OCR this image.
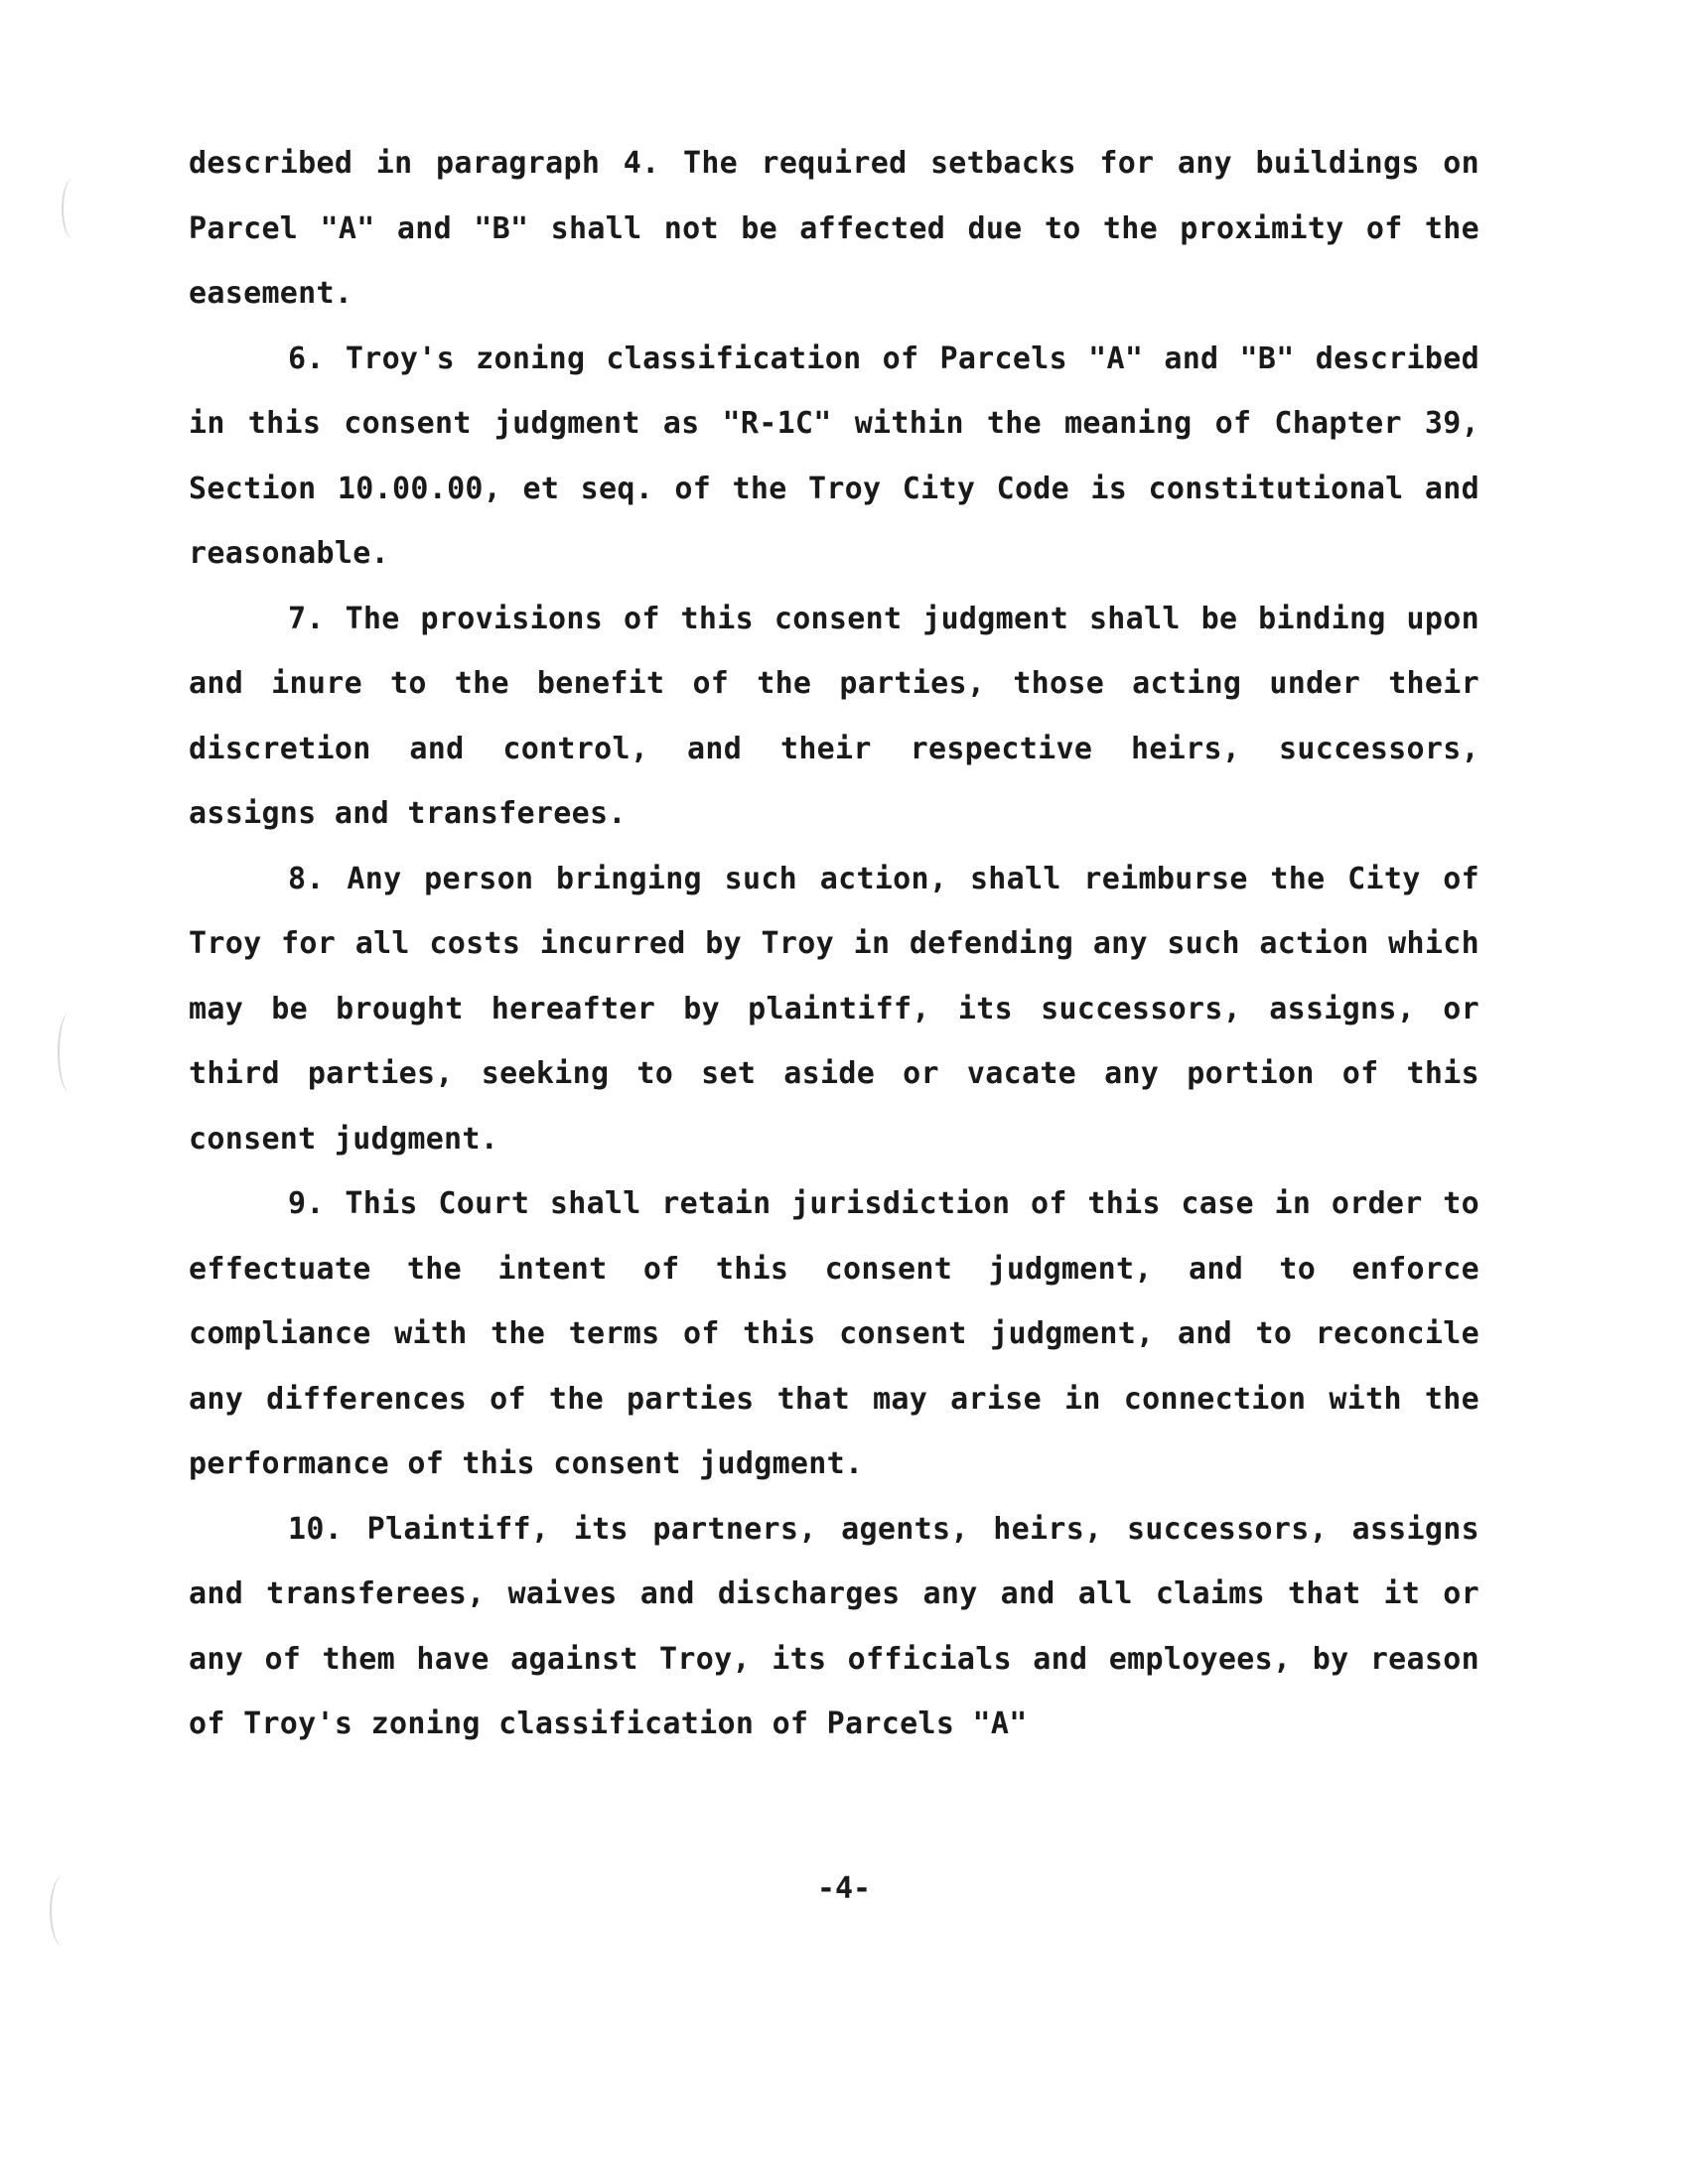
described in paragraph 4. The required setbacks for any buildings on Parcel "A" and "B" shall not be affected due to the proximity of the easement.

6. Troy's zoning classification of Parcels "A" and "B" described in this consent judgment as "R-1C" within the meaning of Chapter 39, Section 10.00.00, et seq. of the Troy City Code is constitutional and reasonable.

7. The provisions of this consent judgment shall be binding upon and inure to the benefit of the parties, those acting under their discretion and control, and their respective heirs, successors, assigns and transferees.

8. Any person bringing such action, shall reimburse the City of Troy for all costs incurred by Troy in defending any such action which may be brought hereafter by plaintiff, its successors, assigns, or third parties, seeking to set aside or vacate any portion of this consent judgment.

9. This Court shall retain jurisdiction of this case in order to effectuate the intent of this consent judgment, and to enforce compliance with the terms of this consent judgment, and to reconcile any differences of the parties that may arise in connection with the performance of this consent judgment.

10. Plaintiff, its partners, agents, heirs, successors, assigns and transferees, waives and discharges any and all claims that it or any of them have against Troy, its officials and employees, by reason of Troy's zoning classification of Parcels "A"

-4-
